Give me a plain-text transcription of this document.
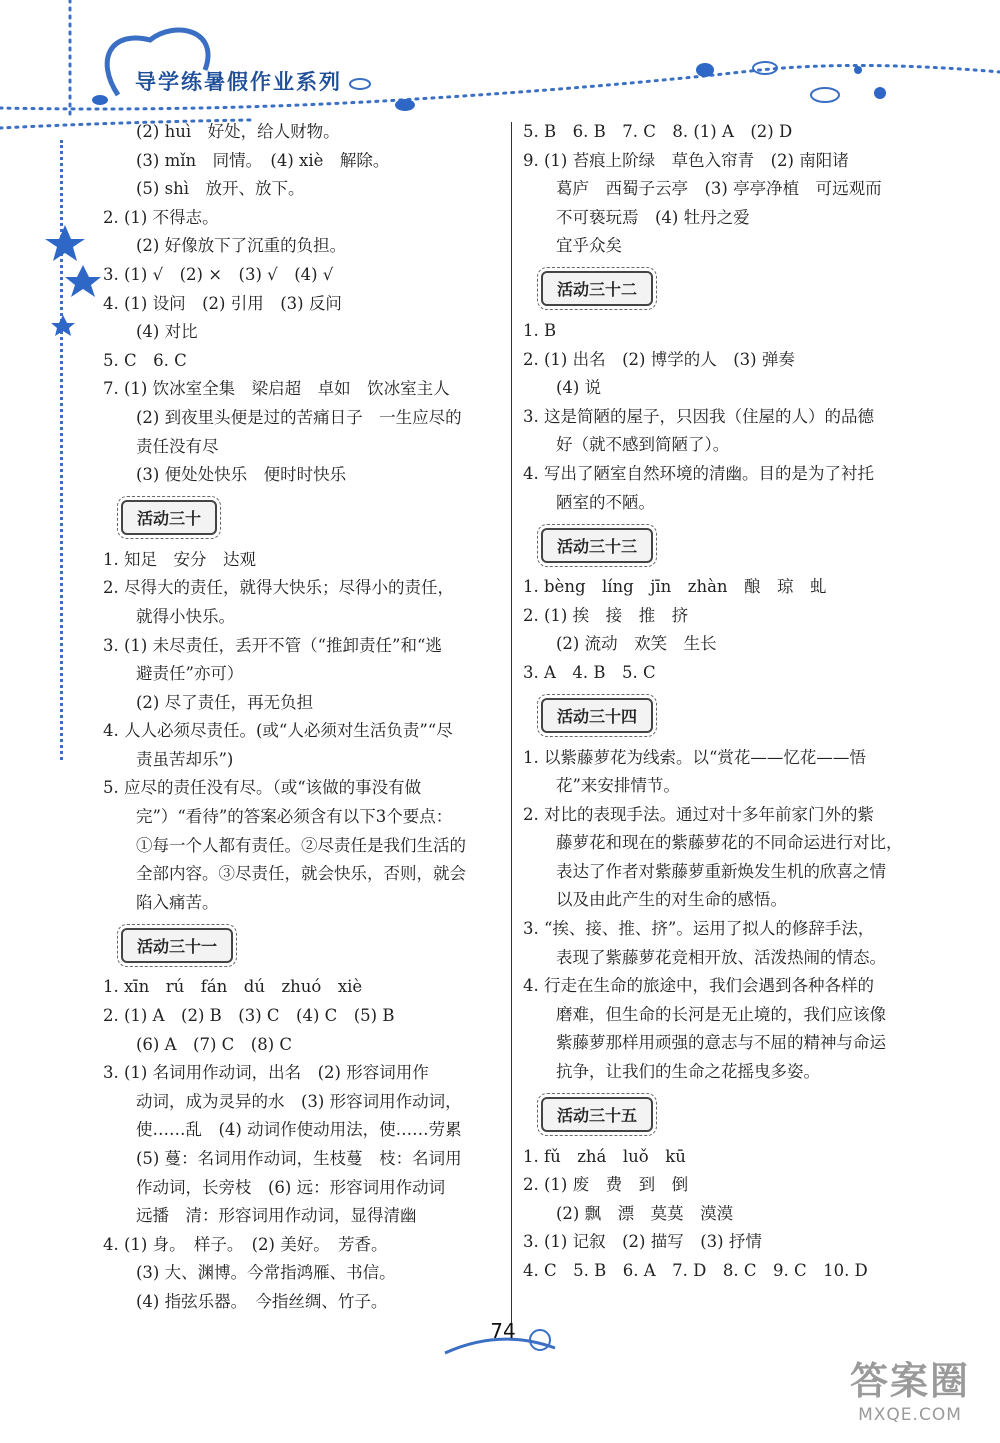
导学练暑假作业系列
(2) huì　好处，给人财物。
(3) mǐn　同情。　(4) xiè　解除。
(5) shì　放开、放下。
2. (1) 不得志。
(2) 好像放下了沉重的负担。
3. (1) √　(2) ×　(3) √　(4) √
4. (1) 设问　(2) 引用　(3) 反问
(4) 对比
5. C　6. C
7. (1) 饮冰室全集　梁启超　卓如　饮冰室主人
(2) 到夜里头便是过的苦痛日子　一生应尽的
责任没有尽
(3) 便处处快乐　便时时快乐
活动三十
1. 知足　安分　达观
2. 尽得大的责任，就得大快乐；尽得小的责任，
就得小快乐。
3. (1) 未尽责任，丢开不管（“推卸责任”和“逃
避责任”亦可）
(2) 尽了责任，再无负担
4. 人人必须尽责任。(或“人必须对生活负责”“尽
责虽苦却乐”)
5. 应尽的责任没有尽。（或“该做的事没有做
完”）“看待”的答案必须含有以下3个要点：
①每一个人都有责任。②尽责任是我们生活的
全部内容。③尽责任，就会快乐，否则，就会
陷入痛苦。
活动三十一
1. xīn　rú　fán　dú　zhuó　xiè
2. (1) A　(2) B　(3) C　(4) C　(5) B
(6) A　(7) C　(8) C
3. (1) 名词用作动词，出名　(2) 形容词用作
动词，成为灵异的水　(3) 形容词用作动词，
使……乱　(4) 动词作使动用法，使……劳累
(5) 蔓：名词用作动词，生枝蔓　枝：名词用
作动词，长旁枝　(6) 远：形容词用作动词
远播　清：形容词用作动词，显得清幽
4. (1) 身。　样子。　(2) 美好。　芳香。
(3) 大、渊博。今常指鸿雁、书信。
(4) 指弦乐器。　今指丝绸、竹子。
5. B　6. B　7. C　8. (1) A　(2) D
9. (1) 苔痕上阶绿　草色入帘青　(2) 南阳诸
葛庐　西蜀子云亭　(3) 亭亭净植　可远观而
不可亵玩焉　(4) 牡丹之爱
宜乎众矣
活动三十二
1. B
2. (1) 出名　(2) 博学的人　(3) 弹奏
(4) 说
3. 这是简陋的屋子，只因我（住屋的人）的品德
好（就不感到简陋了）。
4. 写出了陋室自然环境的清幽。目的是为了衬托
陋室的不陋。
活动三十三
1. bèng　líng　jīn　zhàn　酿　琼　虬
2. (1) 挨　接　推　挤
(2) 流动　欢笑　生长
3. A　4. B　5. C
活动三十四
1. 以紫藤萝花为线索。以“赏花——忆花——悟
花”来安排情节。
2. 对比的表现手法。通过对十多年前家门外的紫
藤萝花和现在的紫藤萝花的不同命运进行对比，
表达了作者对紫藤萝重新焕发生机的欣喜之情
以及由此产生的对生命的感悟。
3. “挨、接、推、挤”。运用了拟人的修辞手法，
表现了紫藤萝花竞相开放、活泼热闹的情态。
4. 行走在生命的旅途中，我们会遇到各种各样的
磨难，但生命的长河是无止境的，我们应该像
紫藤萝那样用顽强的意志与不屈的精神与命运
抗争，让我们的生命之花摇曳多姿。
活动三十五
1. fǔ　zhá　luǒ　kū
2. (1) 废　费　到　倒
(2) 飘　漂　莫莫　漠漠
3. (1) 记叙　(2) 描写　(3) 抒情
4. C　5. B　6. A　7. D　8. C　9. C　10. D
74
答案圈
MXQE.COM
